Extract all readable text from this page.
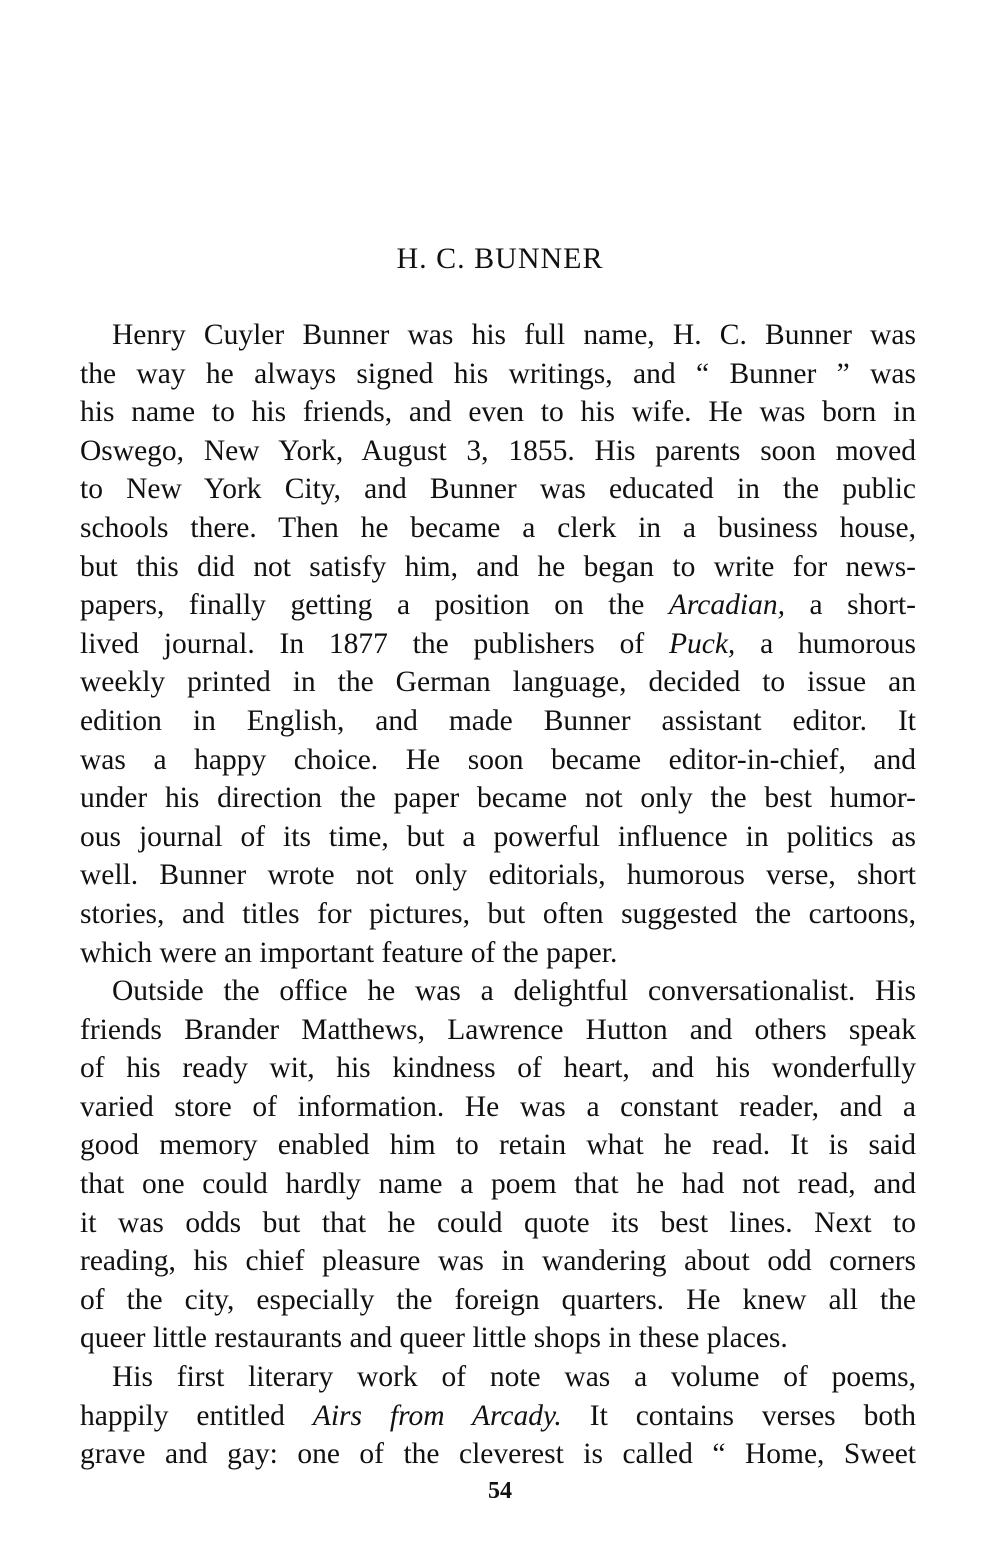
H. C. BUNNER
Henry Cuyler Bunner was his full name, H. C. Bunner was
the way he always signed his writings, and “ Bunner ” was
his name to his friends, and even to his wife. He was born in
Oswego, New York, August 3, 1855. His parents soon moved
to New York City, and Bunner was educated in the public
schools there. Then he became a clerk in a business house,
but this did not satisfy him, and he began to write for news-
papers, finally getting a position on the Arcadian, a short-
lived journal. In 1877 the publishers of Puck, a humorous
weekly printed in the German language, decided to issue an
edition in English, and made Bunner assistant editor. It
was a happy choice. He soon became editor-in-chief, and
under his direction the paper became not only the best humor-
ous journal of its time, but a powerful influence in politics as
well. Bunner wrote not only editorials, humorous verse, short
stories, and titles for pictures, but often suggested the cartoons,
which were an important feature of the paper.
Outside the office he was a delightful conversationalist. His
friends Brander Matthews, Lawrence Hutton and others speak
of his ready wit, his kindness of heart, and his wonderfully
varied store of information. He was a constant reader, and a
good memory enabled him to retain what he read. It is said
that one could hardly name a poem that he had not read, and
it was odds but that he could quote its best lines. Next to
reading, his chief pleasure was in wandering about odd corners
of the city, especially the foreign quarters. He knew all the
queer little restaurants and queer little shops in these places.
His first literary work of note was a volume of poems,
happily entitled Airs from Arcady. It contains verses both
grave and gay: one of the cleverest is called “ Home, Sweet
54
